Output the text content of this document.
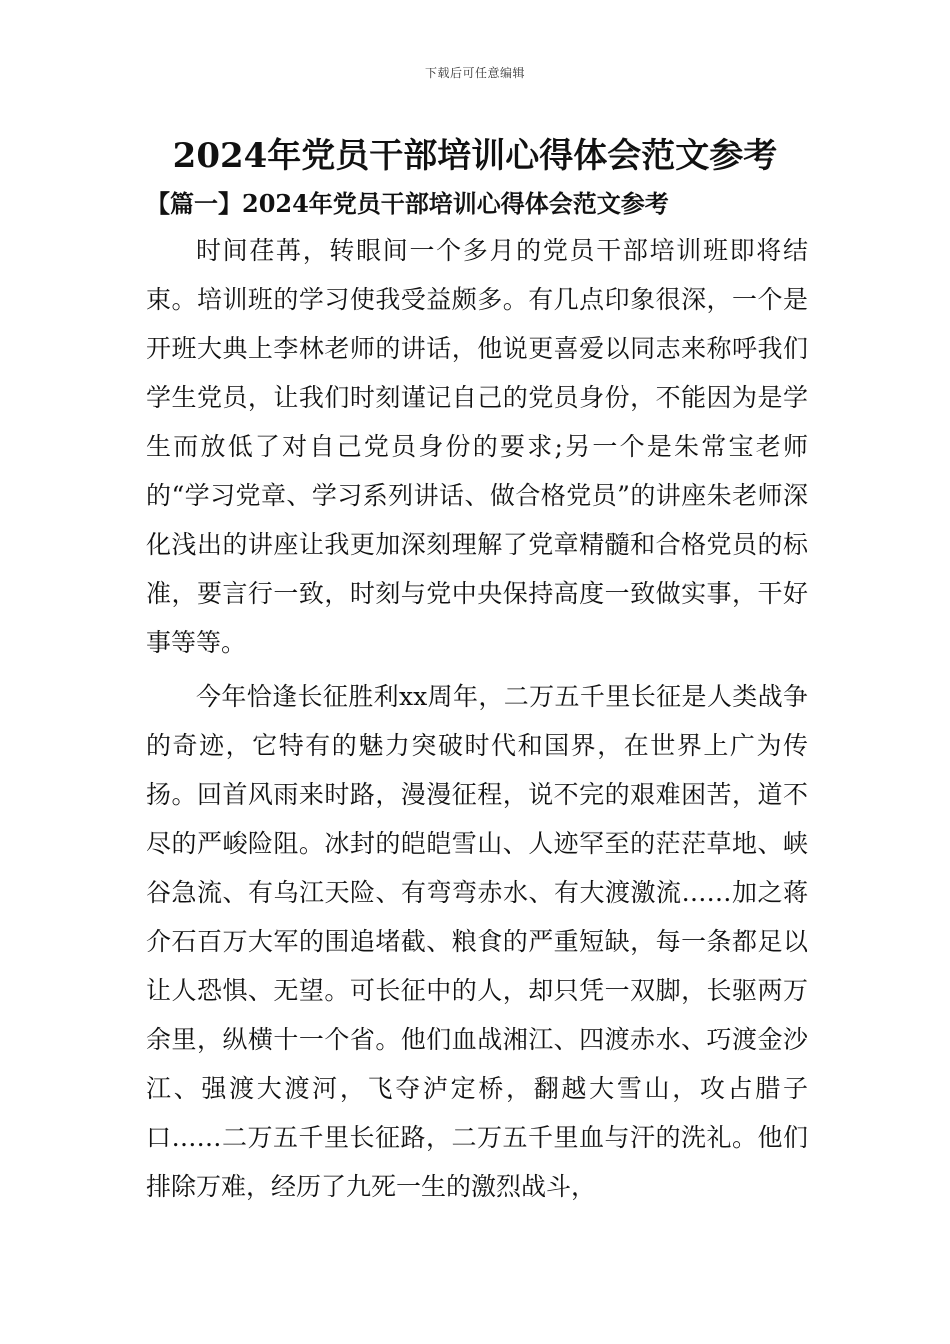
下载后可任意编辑
2024年党员干部培训心得体会范文参考
【篇一】2024年党员干部培训心得体会范文参考

时间荏苒，转眼间一个多月的党员干部培训班即将结束。培训班的学习使我受益颇多。有几点印象很深，一个是开班大典上李林老师的讲话，他说更喜爱以同志来称呼我们学生党员，让我们时刻谨记自己的党员身份，不能因为是学生而放低了对自己党员身份的要求;另一个是朱常宝老师的“学习党章、学习系列讲话、做合格党员”的讲座朱老师深化浅出的讲座让我更加深刻理解了党章精髓和合格党员的标准，要言行一致，时刻与党中央保持高度一致做实事，干好事等等。

今年恰逢长征胜利xx周年，二万五千里长征是人类战争的奇迹，它特有的魅力突破时代和国界，在世界上广为传扬。回首风雨来时路，漫漫征程，说不完的艰难困苦，道不尽的严峻险阻。冰封的皑皑雪山、人迹罕至的茫茫草地、峡谷急流、有乌江天险、有弯弯赤水、有大渡激流……加之蒋介石百万大军的围追堵截、粮食的严重短缺，每一条都足以让人恐惧、无望。可长征中的人，却只凭一双脚，长驱两万余里，纵横十一个省。他们血战湘江、四渡赤水、巧渡金沙江、强渡大渡河，飞夺泸定桥，翻越大雪山，攻占腊子口……二万五千里长征路，二万五千里血与汗的洗礼。他们排除万难，经历了九死一生的激烈战斗，
